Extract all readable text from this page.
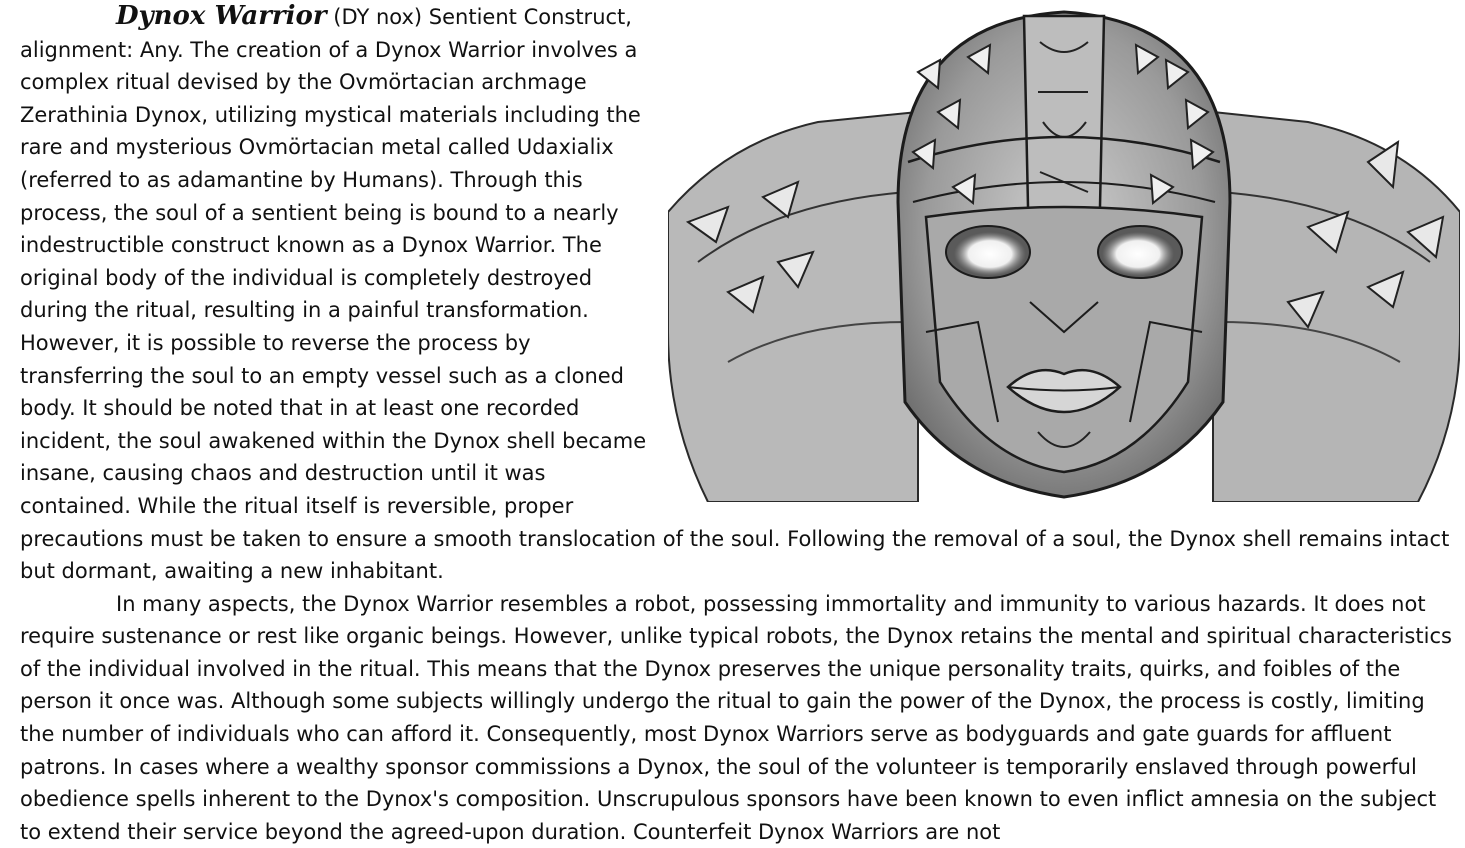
Dynox Warrior (DY nox) Sentient Construct, alignment: Any. The creation of a Dynox Warrior involves a complex ritual devised by the Ovmörtacian archmage Zerathinia Dynox, utilizing mystical materials including the rare and mysterious Ovmörtacian metal called Udaxialix (referred to as adamantine by Humans). Through this process, the soul of a sentient being is bound to a nearly indestructible construct known as a Dynox Warrior. The original body of the individual is completely destroyed during the ritual, resulting in a painful transformation. However, it is possible to reverse the process by transferring the soul to an empty vessel such as a cloned body. It should be noted that in at least one recorded incident, the soul awakened within the Dynox shell became insane, causing chaos and destruction until it was contained. While the ritual itself is reversible, proper precautions must be taken to ensure a smooth translocation of the soul. Following the removal of a soul, the Dynox shell remains intact but dormant, awaiting a new inhabitant.

In many aspects, the Dynox Warrior resembles a robot, possessing immortality and immunity to various hazards. It does not require sustenance or rest like organic beings. However, unlike typical robots, the Dynox retains the mental and spiritual characteristics of the individual involved in the ritual. This means that the Dynox preserves the unique personality traits, quirks, and foibles of the person it once was. Although some subjects willingly undergo the ritual to gain the power of the Dynox, the process is costly, limiting the number of individuals who can afford it. Consequently, most Dynox Warriors serve as bodyguards and gate guards for affluent patrons. In cases where a wealthy sponsor commissions a Dynox, the soul of the volunteer is temporarily enslaved through powerful obedience spells inherent to the Dynox's composition. Unscrupulous sponsors have been known to even inflict amnesia on the subject to extend their service beyond the agreed-upon duration. Counterfeit Dynox Warriors are not
